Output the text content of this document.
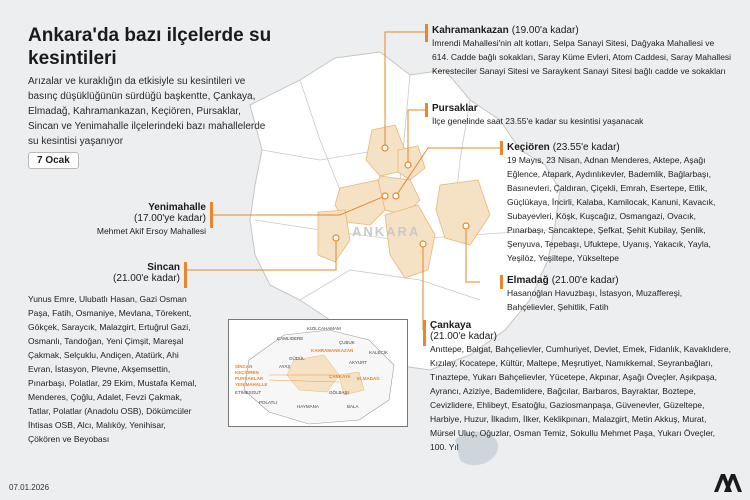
ANKARA
Ankara'da bazı ilçelerde su kesintileri
Arızalar ve kuraklığın da etkisiyle su kesintileri ve basınç düşüklüğünün sürdüğü başkentte, Çankaya, Elmadağ, Kahramankazan, Keçiören, Pursaklar, Sincan ve Yenimahalle ilçelerindeki bazı mahallelerde su kesintisi yaşanıyor
7 Ocak
Kahramankazan (19.00'a kadar)
İmrendi Mahallesi'nin alt kotları, Selpa Sanayi Sitesi, Dağyaka Mahallesi ve 614. Cadde bağlı sokakları, Saray Küme Evleri, Atom Caddesi, Saray Mahallesi Keresteciler Sanayi Sitesi ve Saraykent Sanayi Sitesi bağlı cadde ve sokakları
Pursaklar
İlçe genelinde saat 23.55'e kadar su kesintisi yaşanacak
Keçiören (23.55'e kadar)
19 Mayıs, 23 Nisan, Adnan Menderes, Aktepe, Aşağı Eğlence, Atapark, Aydınlıkevler, Bademlik, Bağlarbaşı, Basınevleri, Çaldıran, Çiçekli, Emrah, Esertepe, Etlik, Güçlükaya, İncirli, Kalaba, Kamilocak, Kanuni, Kavacık, Subayevleri, Köşk, Kuşcağız, Osmangazi, Ovacık, Pınarbaşı, Sancaktepe, Şefkat, Şehit Kubilay, Şenlik, Şenyuva, Tepebaşı, Ufuktepe, Uyanış, Yakacık, Yayla, Yeşilöz, Yeşiltepe, Yükseltepe
Elmadağ (21.00'e kadar)
Hasanoğlan Havuzbaşı, İstasyon, Muzaffereşi, Bahçelievler, Şehitlik, Fatih
Çankaya
(21.00'e kadar)
Anıttepe, Balgat, Bahçelievler, Cumhuriyet, Devlet, Emek, Fidanlık, Kavaklıdere, Kızılay, Kocatepe, Kültür, Maltepe, Meşrutiyet, Namıkkemal, Seyranbağları, Tınaztepe, Yukarı Bahçelievler, Yücetepe, Akpınar, Aşağı Öveçler, Aşıkpaşa, Ayrancı, Aziziye, Bademlidere, Bağcılar, Barbaros, Bayraktar, Boztepe, Cevizlidere, Ehlibeyt, Esatoğlu, Gaziosmanpaşa, Güvenevler, Güzeltepe, Harbiye, Huzur, İlkadım, İlker, Keklikpınarı, Malazgirt, Metin Akkuş, Murat, Mürsel Uluç, Oğuzlar, Osman Temiz, Sokullu Mehmet Paşa, Yukarı Öveçler, 100. Yıl
Yenimahalle
(17.00'ye kadar)
Mehmet Akif Ersoy Mahallesi
Sincan
(21.00'e kadar)
Yunus Emre, Ulubatlı Hasan, Gazi Osman Paşa, Fatih, Osmaniye, Mevlana, Törekent, Gökçek, Saraycık, Malazgirt, Ertuğrul Gazi, Osmanlı, Tandoğan, Yeni Çimşit, Mareşal Çakmak, Selçuklu, Andiçen, Atatürk, Ahi Evran, İstasyon, Plevne, Akşemsettin, Pınarbaşı, Polatlar, 29 Ekim, Mustafa Kemal, Menderes, Çoğlu, Adalet, Fevzi Çakmak, Tatlar, Polatlar (Anadolu OSB), Dökümcüler İhtisas OSB, Alcı, Malıköy, Yenihisar, Çökören ve Beyobası
KIZILCAHAMAM
ÇAMLIDERE
KAHRAMANKAZAN
GÜDÜL
AYAŞ
KEÇİÖREN
PURSAKLAR
YENİMAHALLE
SİNCAN
ÇANKAYA ELMADAĞ
GÖLBAŞI
HAYMANA	BALA
KALECİK
ÇUBUK
AKYURT
ETİMESGUT
POLATLI
07.01.2026
